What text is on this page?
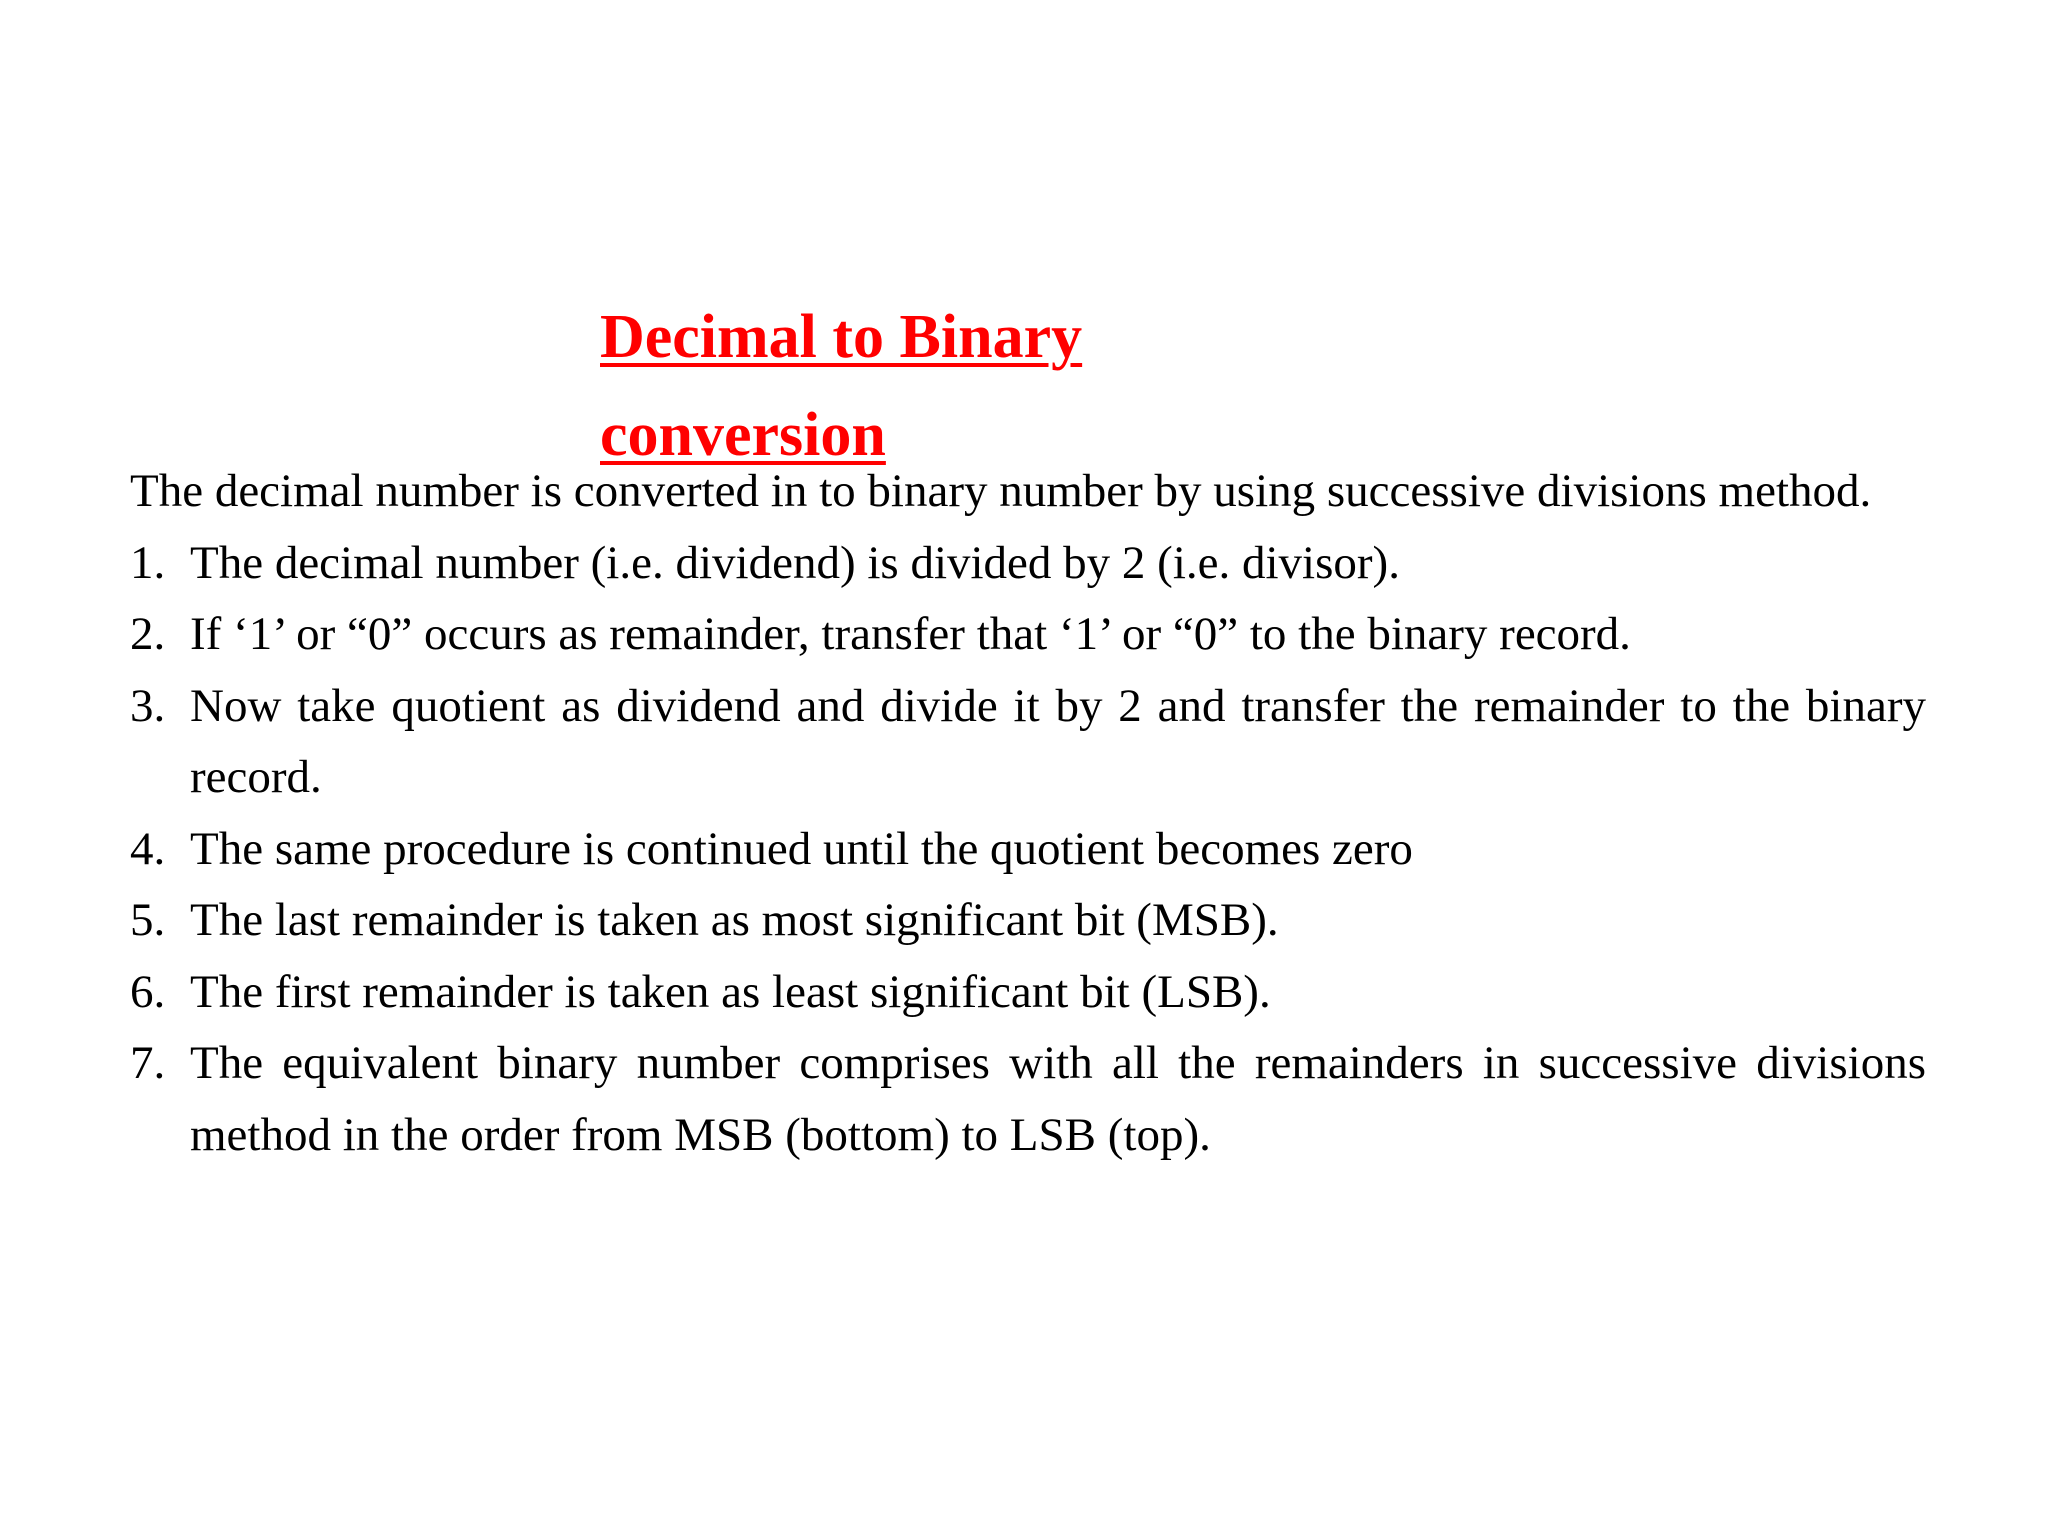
Decimal to Binary
conversion

The decimal number is converted in to binary number by using successive divisions method.

1. The decimal number (i.e. dividend) is divided by 2 (i.e. divisor).
2. If ‘1’ or “0” occurs as remainder, transfer that ‘1’ or “0” to the binary record.
3. Now take quotient as dividend and divide it by 2 and transfer the remainder to the binary record.
4. The same procedure is continued until the quotient becomes zero
5. The last remainder is taken as most significant bit (MSB).
6. The first remainder is taken as least significant bit (LSB).
7. The equivalent binary number comprises with all the remainders in successive divisions method in the order from MSB (bottom) to LSB (top).
